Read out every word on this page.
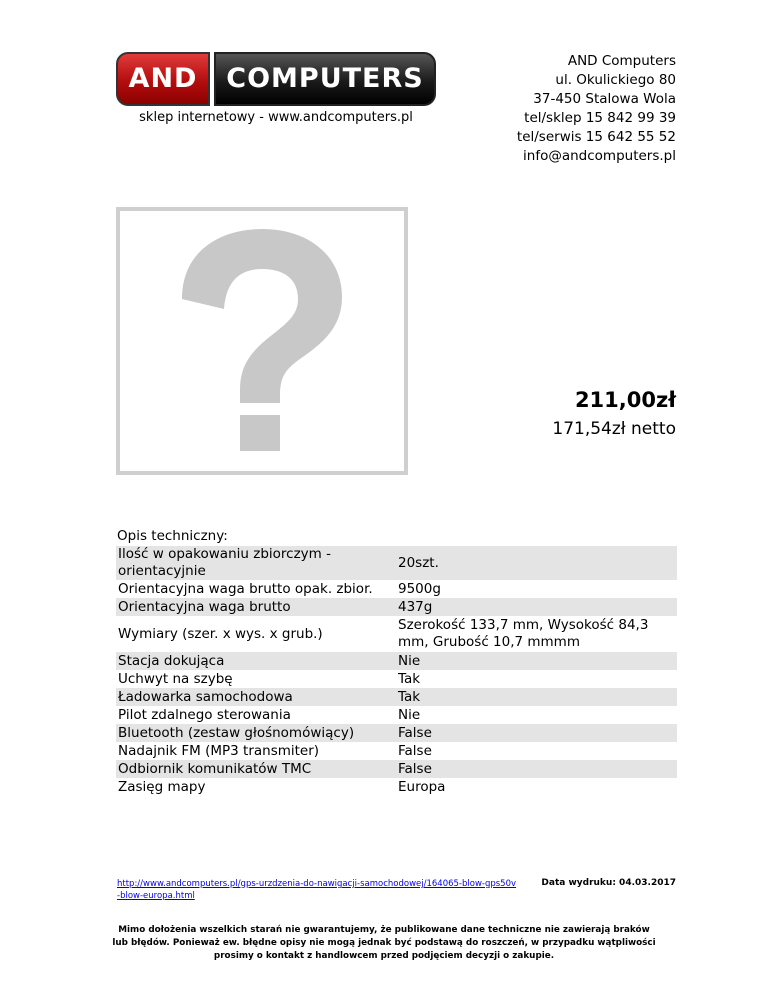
AND	COMPUTERS
sklep internetowy - www.andcomputers.pl
AND Computers
ul. Okulickiego 80
37-450 Stalowa Wola
tel/sklep 15 842 99 39
tel/serwis 15 642 55 52
info@andcomputers.pl
211,00zł
171,54zł netto
Opis techniczny:
Ilość w opakowaniu zbiorczym - orientacyjnie	20szt.
Orientacyjna waga brutto opak. zbior.	9500g
Orientacyjna waga brutto	437g
Wymiary (szer. x wys. x grub.)	Szerokość 133,7 mm, Wysokość 84,3 mm, Grubość 10,7 mmmm
Stacja dokująca	Nie
Uchwyt na szybę	Tak
Ładowarka samochodowa	Tak
Pilot zdalnego sterowania	Nie
Bluetooth (zestaw głośnomówiący)	False
Nadajnik FM (MP3 transmiter)	False
Odbiornik komunikatów TMC	False
Zasięg mapy	Europa
http://www.andcomputers.pl/gps-urzdzenia-do-nawigacji-samochodowej/164065-blow-gps50v-blow-europa.html
Data wydruku: 04.03.2017
Mimo dołożenia wszelkich starań nie gwarantujemy, że publikowane dane techniczne nie zawierają braków lub błędów. Ponieważ ew. błędne opisy nie mogą jednak być podstawą do roszczeń, w przypadku wątpliwości prosimy o kontakt z handlowcem przed podjęciem decyzji o zakupie.
